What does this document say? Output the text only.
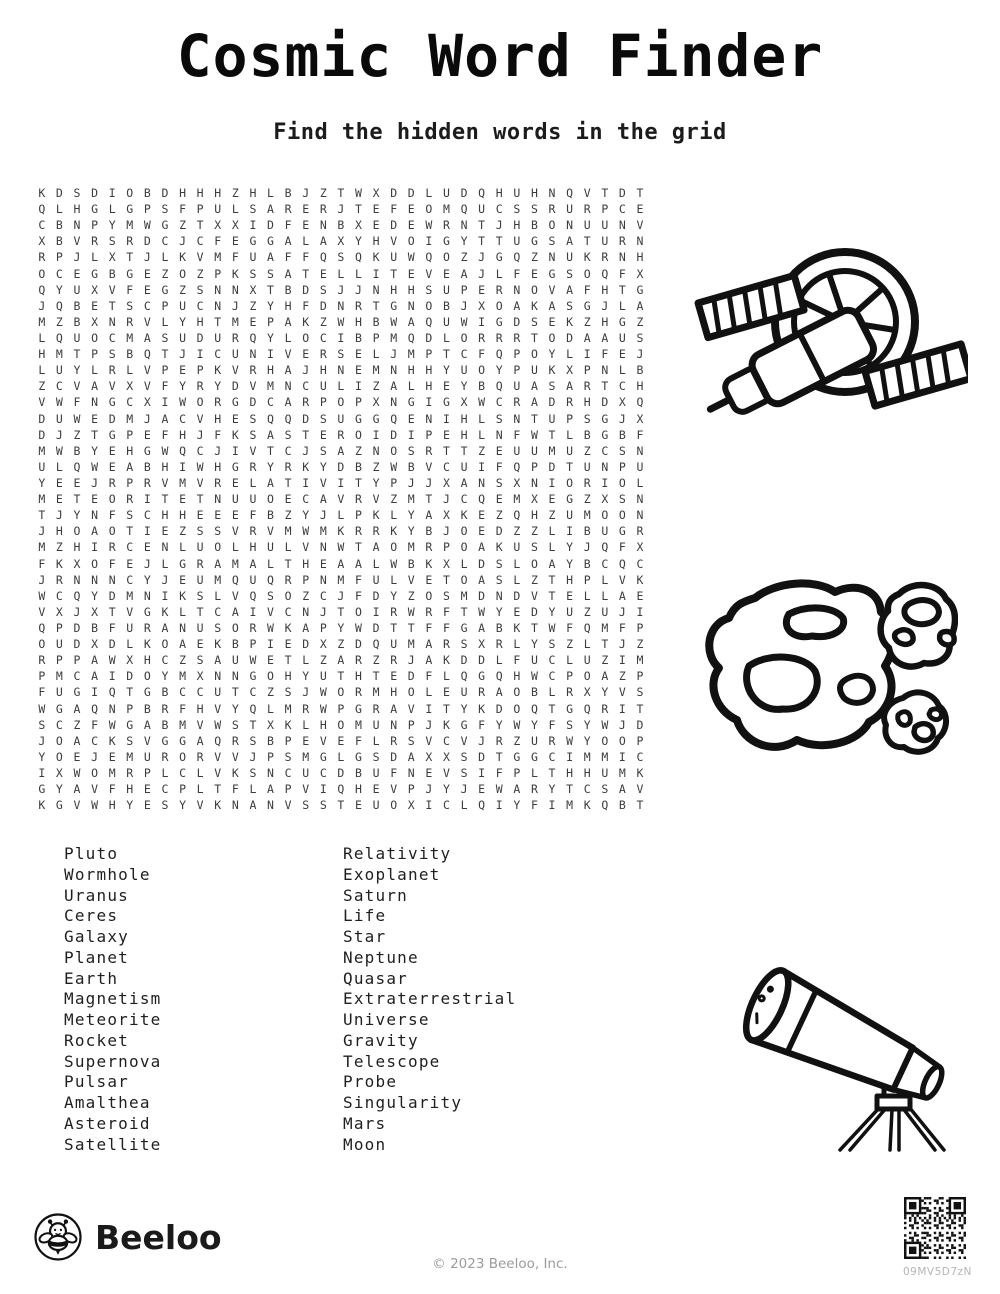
Cosmic Word Finder
Find the hidden words in the grid
K D S D I O B D H H H Z H L B J Z T W X D D L U D Q H U H N Q V T D T
Q L H G L G P S F P U L S A R E R J T E F E O M Q U C S S R U R P C E
C B N P Y M W G Z T X X I D F E N B X E D E W R N T J H B O N U U N V
X B V R S R D C J C F E G G A L A X Y H V O I G Y T T U G S A T U R N
R P J L X T J L K V M F U A F F Q S Q K U W Q O Z J G Q Z N U K R N H
O C E G B G E Z O Z P K S S A T E L L I T E V E A J L F E G S O Q F X
Q Y U X V F E G Z S N N X T B D S J J N H H S U P E R N O V A F H T G
J Q B E T S C P U C N J Z Y H F D N R T G N O B J X O A K A S G J L A
M Z B X N R V L Y H T M E P A K Z W H B W A Q U W I G D S E K Z H G Z
L Q U O C M A S U D U R Q Y L O C I B P M Q D L O R R R T O D A A U S
H M T P S B Q T J I C U N I V E R S E L J M P T C F Q P O Y L I F E J
L U Y L R L V P E P K V R H A J H N E M N H H Y U O Y P U K X P N L B
Z C V A V X V F Y R Y D V M N C U L I Z A L H E Y B Q U A S A R T C H
V W F N G C X I W O R G D C A R P O P X N G I G X W C R A D R H D X Q
D U W E D M J A C V H E S Q Q D S U G G Q E N I H L S N T U P S G J X
D J Z T G P E F H J F K S A S T E R O I D I P E H L N F W T L B G B F
M W B Y E H G W Q C J I V T C J S A Z N O S R T T Z E U U M U Z C S N
U L Q W E A B H I W H G R Y R K Y D B Z W B V C U I F Q P D T U N P U
Y E E J R P R V M V R E L A T I V I T Y P J J X A N S X N I O R I O L
M E T E O R I T E T N U U O E C A V R V Z M T J C Q E M X E G Z X S N
T J Y N F S C H H E E E F B Z Y J L P K L Y A X K E Z Q H Z U M O O N
J H O A O T I E Z S S V R V M W M K R R K Y B J O E D Z Z L I B U G R
M Z H I R C E N L U O L H U L V N W T A O M R P O A K U S L Y J Q F X
F K X O F E J L G R A M A L T H E A A L W B K X L D S L O A Y B C Q C
J R N N N C Y J E U M Q U Q R P N M F U L V E T O A S L Z T H P L V K
W C Q Y D M N I K S L V Q S O Z C J F D Y Z O S M D N D V T E L L A E
V X J X T V G K L T C A I V C N J T O I R W R F T W Y E D Y U Z U J I
Q P D B F U R A N U S O R W K A P Y W D T T F F G A B K T W F Q M F P
O U D X D L K O A E K B P I E D X Z D Q U M A R S X R L Y S Z L T J Z
R P P A W X H C Z S A U W E T L Z A R Z R J A K D D L F U C L U Z I M
P M C A I D O Y M X N N G O H Y U T H T E D F L Q G Q H W C P O A Z P
F U G I Q T G B C C U T C Z S J W O R M H O L E U R A O B L R X Y V S
W G A Q N P B R F H V Y Q L M R W P G R A V I T Y K D O Q T G Q R I T
S C Z F W G A B M V W S T X K L H O M U N P J K G F Y W Y F S Y W J D
J O A C K S V G G A Q R S B P E V E F L R S V C V J R Z U R W Y O O P
Y O E J E M U R O R V V J P S M G L G S D A X X S D T G G C I M M I C
I X W O M R P L C L V K S N C U C D B U F N E V S I F P L T H H U M K
G Y A V F H E C P L T F L A P V I Q H E V P J Y J E W A R Y T C S A V
K G V W H Y E S Y V K N A N V S S T E U O X I C L Q I Y F I M K Q B T
Pluto
Wormhole
Uranus
Ceres
Galaxy
Planet
Earth
Magnetism
Meteorite
Rocket
Supernova
Pulsar
Amalthea
Asteroid
Satellite
Relativity
Exoplanet
Saturn
Life
Star
Neptune
Quasar
Extraterrestrial
Universe
Gravity
Telescope
Probe
Singularity
Mars
Moon
Beeloo
© 2023 Beeloo, Inc.	09MV5D7zN
